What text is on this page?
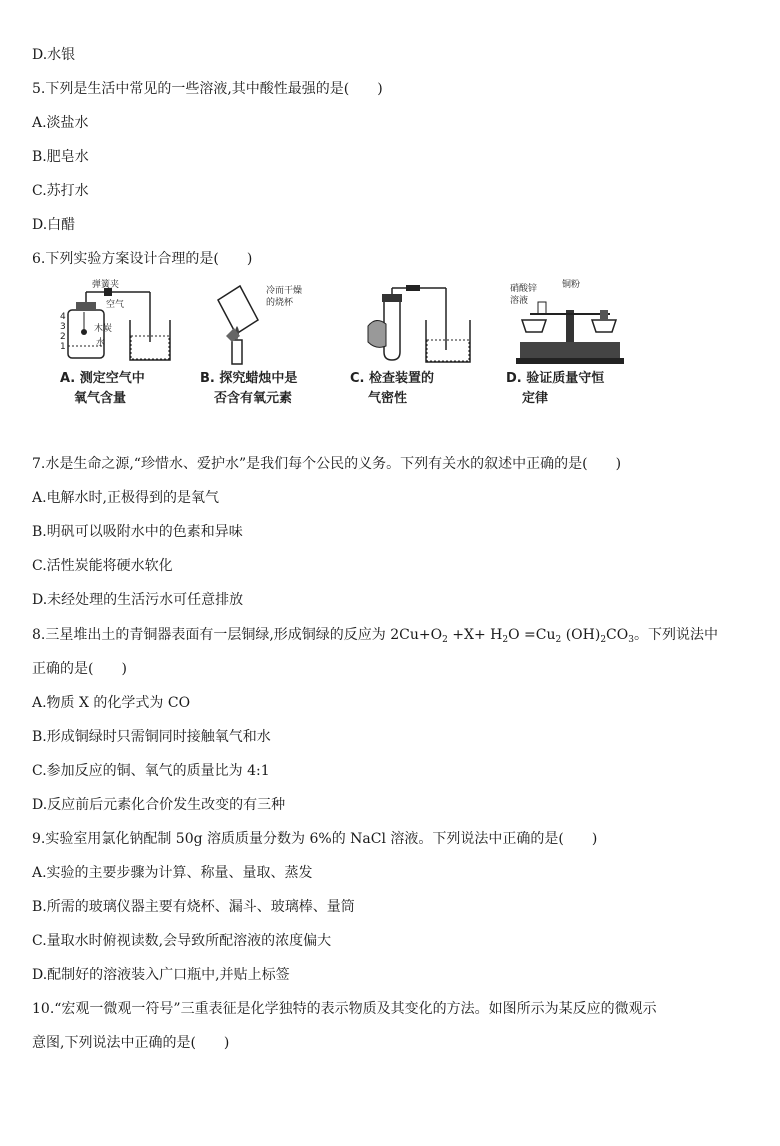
D.水银
5.下列是生活中常见的一些溶液,其中酸性最强的是(　　)
A.淡盐水
B.肥皂水
C.苏打水
D.白醋
6.下列实验方案设计合理的是(　　)
弹簧夹
空气
木炭
水
4
3
2
1
A. 测定空气中
氧气含量
冷而干燥
的烧杯
B. 探究蜡烛中是
否含有氧元素
C. 检查装置的
气密性
硝酸锌
溶液
铜粉
D. 验证质量守恒
定律
7.水是生命之源,“珍惜水、爱护水”是我们每个公民的义务。下列有关水的叙述中正确的是(　　)
A.电解水时,正极得到的是氧气
B.明矾可以吸附水中的色素和异味
C.活性炭能将硬水软化
D.未经处理的生活污水可任意排放
8.三星堆出土的青铜器表面有一层铜绿,形成铜绿的反应为 $2Cu+O_2 +X+ H_2O =Cu_2$ $(OH)_2CO_3$。下列说法中
正确的是(　　)
A.物质 X 的化学式为 CO
B.形成铜绿时只需铜同时接触氧气和水
C.参加反应的铜、氧气的质量比为 4:1
D.反应前后元素化合价发生改变的有三种
9.实验室用氯化钠配制 50g 溶质质量分数为 6%的 NaCl 溶液。下列说法中正确的是(　　)
A.实验的主要步骤为计算、称量、量取、蒸发
B.所需的玻璃仪器主要有烧杯、漏斗、玻璃棒、量筒
C.量取水时俯视读数,会导致所配溶液的浓度偏大
D.配制好的溶液装入广口瓶中,并贴上标签
10.“宏观一微观一符号”三重表征是化学独特的表示物质及其变化的方法。如图所示为某反应的微观示
意图,下列说法中正确的是(　　)
